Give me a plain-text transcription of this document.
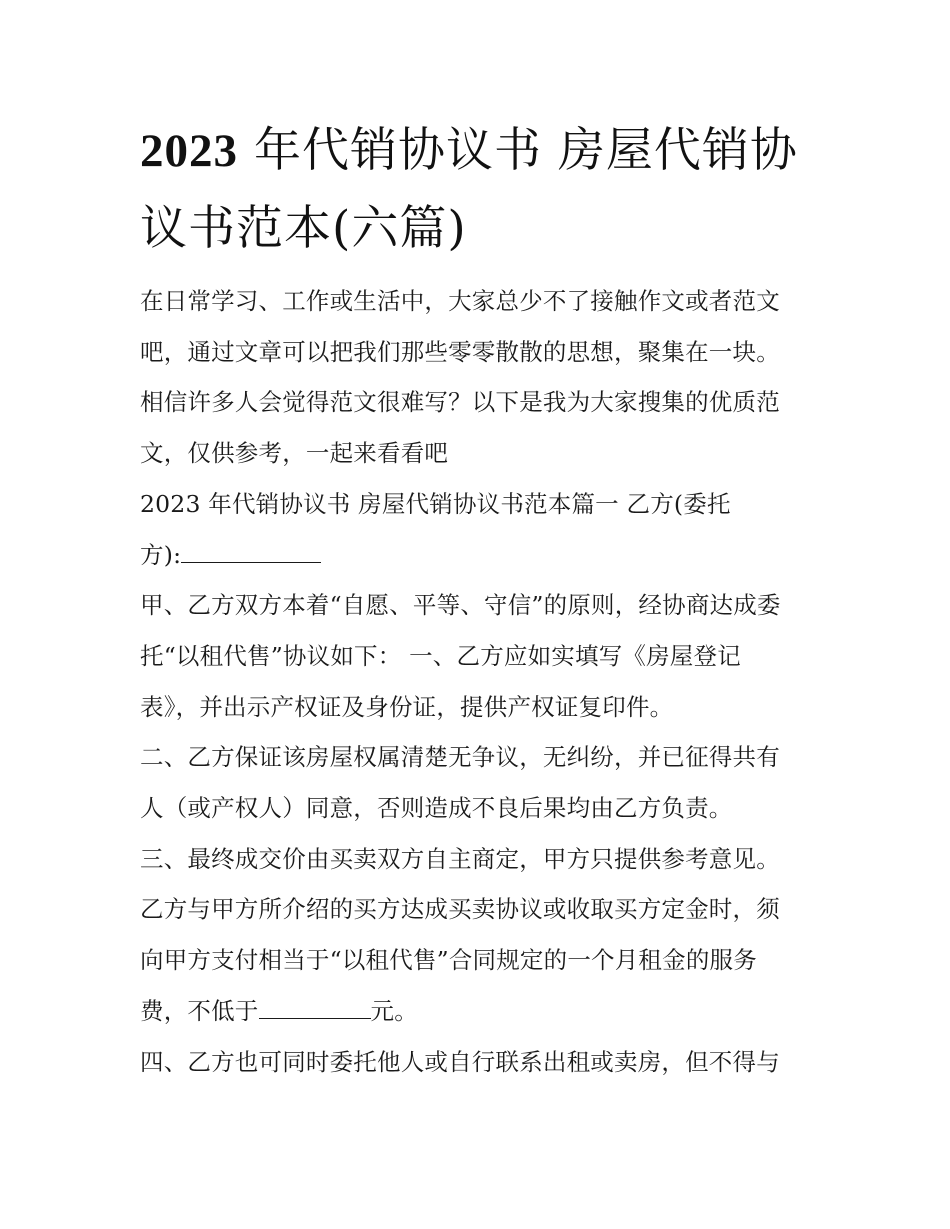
2023 年代销协议书 房屋代销协议书范本(六篇)

在日常学习、工作或生活中，大家总少不了接触作文或者范文

吧，通过文章可以把我们那些零零散散的思想，聚集在一块。

相信许多人会觉得范文很难写？以下是我为大家搜集的优质范

文，仅供参考，一起来看看吧

2023 年代销协议书 房屋代销协议书范本篇一 乙方(委托

方):

甲、乙方双方本着“自愿、平等、守信”的原则，经协商达成委

托“以租代售”协议如下： 一、乙方应如实填写《房屋登记

表》，并出示产权证及身份证，提供产权证复印件。

二、乙方保证该房屋权属清楚无争议，无纠纷，并已征得共有

人（或产权人）同意，否则造成不良后果均由乙方负责。

三、最终成交价由买卖双方自主商定，甲方只提供参考意见。

乙方与甲方所介绍的买方达成买卖协议或收取买方定金时，须

向甲方支付相当于“以租代售”合同规定的一个月租金的服务

费，不低于	元。

四、乙方也可同时委托他人或自行联系出租或卖房，但不得与
